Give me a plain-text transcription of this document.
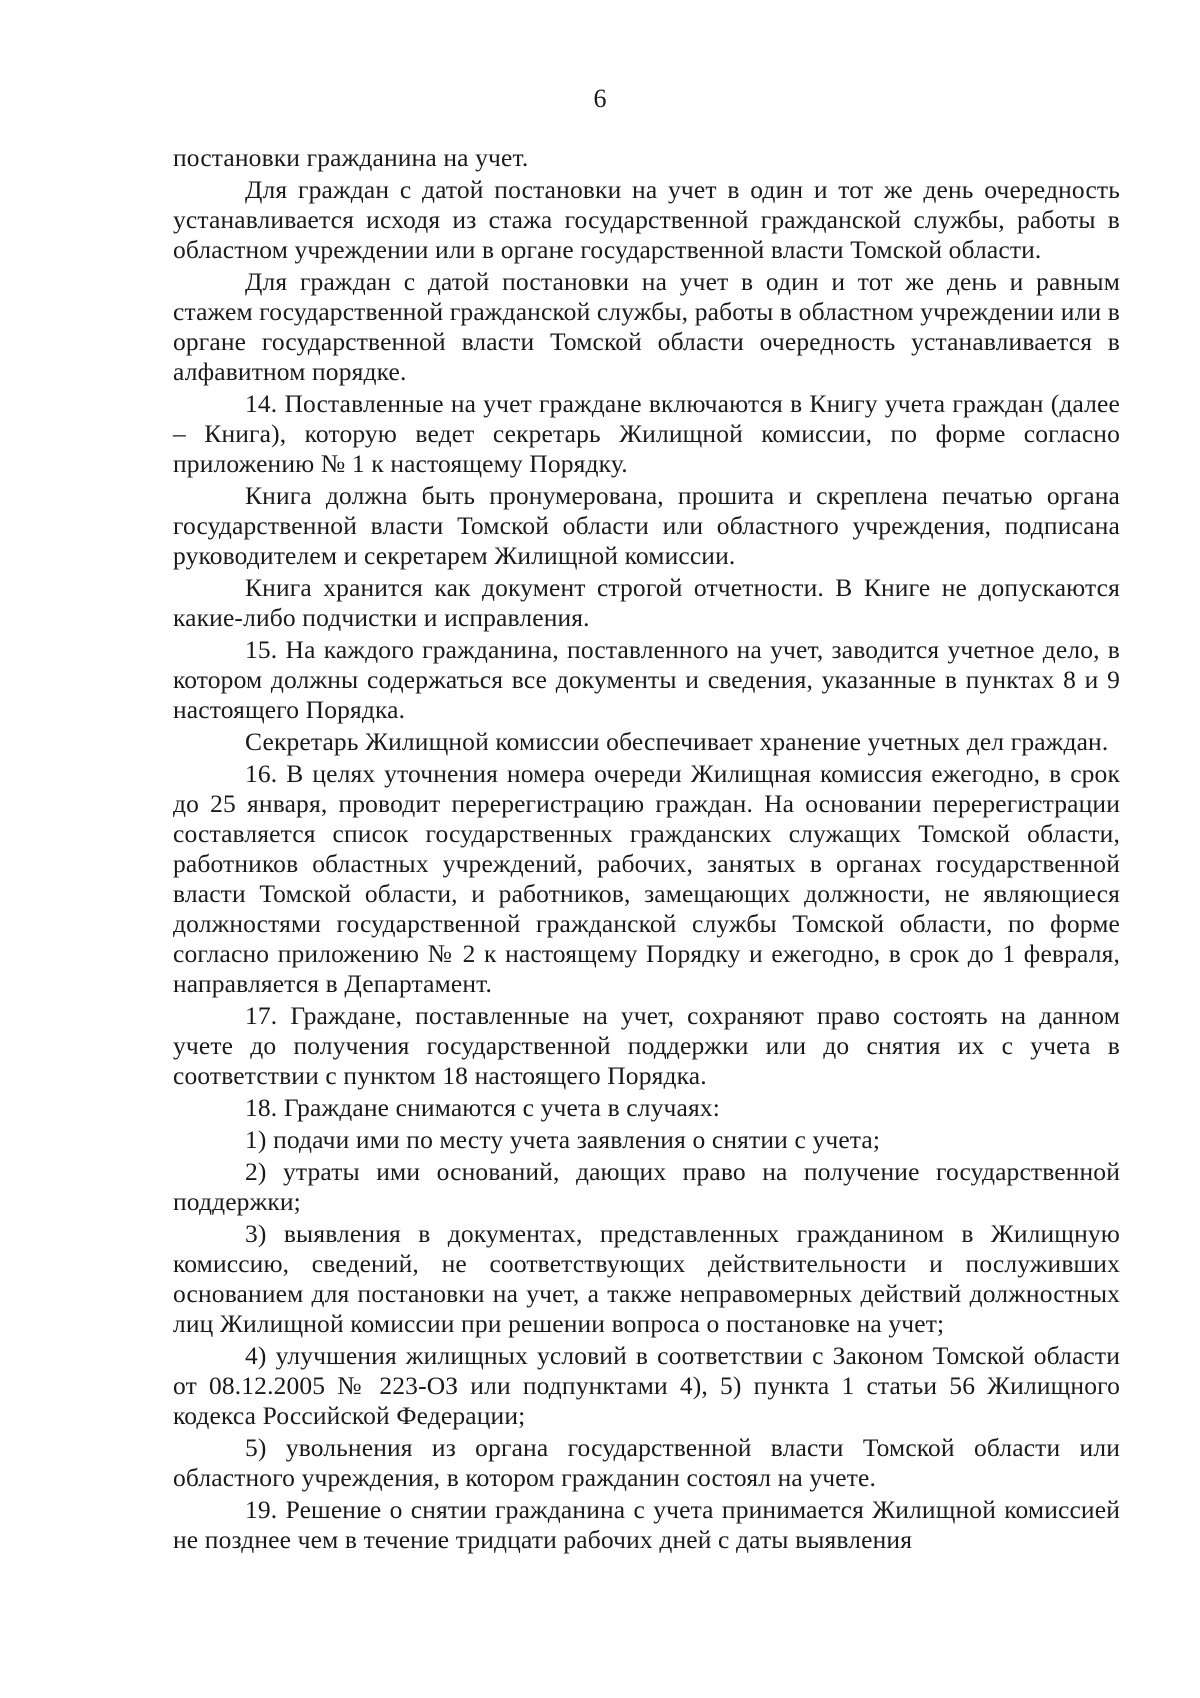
6

постановки гражданина на учет.

Для граждан с датой постановки на учет в один и тот же день очередность устанавливается исходя из стажа государственной гражданской службы, работы в областном учреждении или в органе государственной власти Томской области.

Для граждан с датой постановки на учет в один и тот же день и равным стажем государственной гражданской службы, работы в областном учреждении или в органе государственной власти Томской области очередность устанавливается в алфавитном порядке.

14. Поставленные на учет граждане включаются в Книгу учета граждан (далее – Книга), которую ведет секретарь Жилищной комиссии, по форме согласно приложению № 1 к настоящему Порядку.

Книга должна быть пронумерована, прошита и скреплена печатью органа государственной власти Томской области или областного учреждения, подписана руководителем и секретарем Жилищной комиссии.

Книга хранится как документ строгой отчетности. В Книге не допускаются какие-либо подчистки и исправления.

15. На каждого гражданина, поставленного на учет, заводится учетное дело, в котором должны содержаться все документы и сведения, указанные в пунктах 8 и 9 настоящего Порядка.

Секретарь Жилищной комиссии обеспечивает хранение учетных дел граждан.

16. В целях уточнения номера очереди Жилищная комиссия ежегодно, в срок до 25 января, проводит перерегистрацию граждан. На основании перерегистрации составляется список государственных гражданских служащих Томской области, работников областных учреждений, рабочих, занятых в органах государственной власти Томской области, и работников, замещающих должности, не являющиеся должностями государственной гражданской службы Томской области, по форме согласно приложению № 2 к настоящему Порядку и ежегодно, в срок до 1 февраля, направляется в Департамент.

17. Граждане, поставленные на учет, сохраняют право состоять на данном учете до получения государственной поддержки или до снятия их с учета в соответствии с пунктом 18 настоящего Порядка.

18. Граждане снимаются с учета в случаях:

1) подачи ими по месту учета заявления о снятии с учета;

2) утраты ими оснований, дающих право на получение государственной поддержки;

3) выявления в документах, представленных гражданином в Жилищную комиссию, сведений, не соответствующих действительности и послуживших основанием для постановки на учет, а также неправомерных действий должностных лиц Жилищной комиссии при решении вопроса о постановке на учет;

4) улучшения жилищных условий в соответствии с Законом Томской области от 08.12.2005 № 223-ОЗ или подпунктами 4), 5) пункта 1 статьи 56 Жилищного кодекса Российской Федерации;

5) увольнения из органа государственной власти Томской области или областного учреждения, в котором гражданин состоял на учете.

19. Решение о снятии гражданина с учета принимается Жилищной комиссией не позднее чем в течение тридцати рабочих дней с даты выявления
